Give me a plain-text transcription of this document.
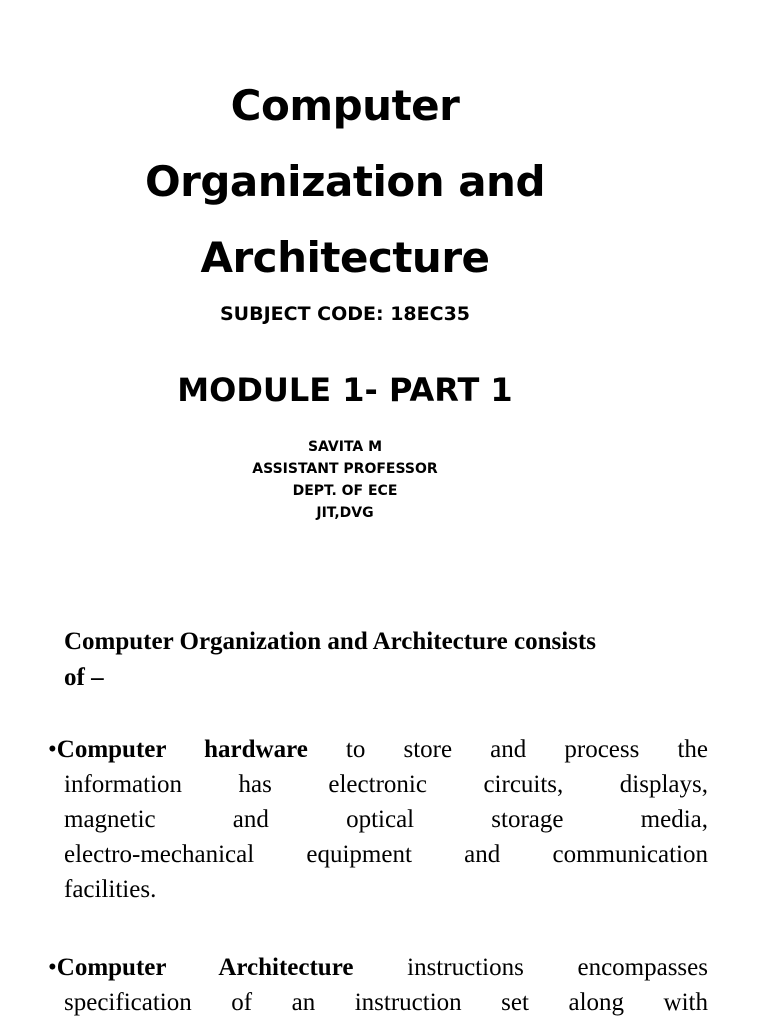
Computer
Organization and
Architecture
SUBJECT CODE: 18EC35
MODULE 1- PART 1
SAVITA M
ASSISTANT PROFESSOR
DEPT. OF ECE
JIT,DVG
Computer Organization and Architecture consists
of –
•Computer hardware to store and process the
information has electronic circuits, displays,
magnetic and optical storage media,
electro-mechanical equipment and communication
facilities.
•Computer Architecture instructions encompasses
specification of an instruction set along with
